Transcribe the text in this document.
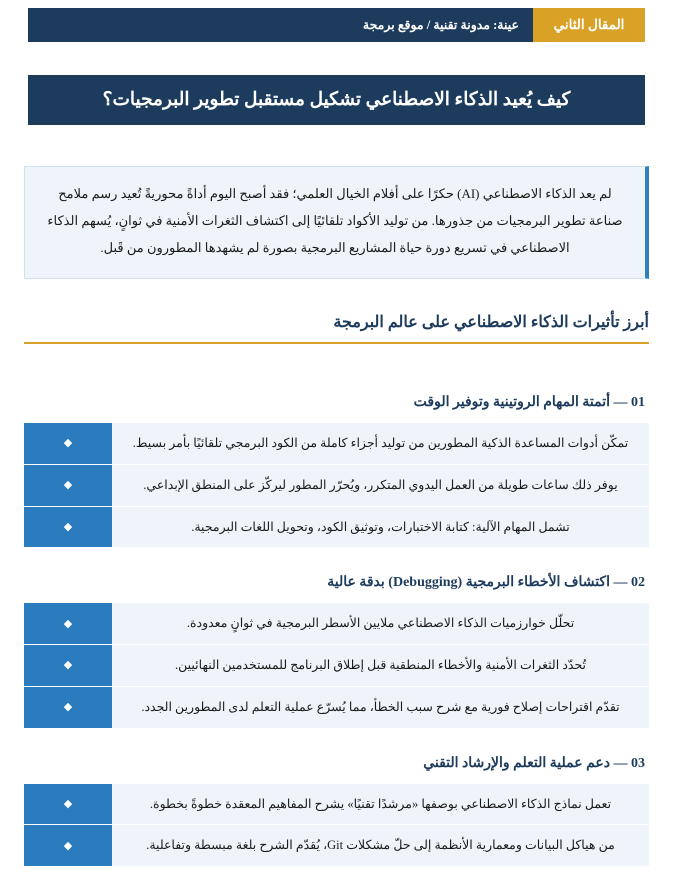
المقال الثاني
عينة: مدونة تقنية / موقع برمجة
كيف يُعيد الذكاء الاصطناعي تشكيل مستقبل تطوير البرمجيات؟

لم يعد الذكاء الاصطناعي (AI) حكرًا على أفلام الخيال العلمي؛ فقد أصبح اليوم أداةً محوريةً تُعيد رسم ملامح صناعة تطوير البرمجيات من جذورها. من توليد الأكواد تلقائيًا إلى اكتشاف الثغرات الأمنية في ثوانٍ، يُسهم الذكاء الاصطناعي في تسريع دورة حياة المشاريع البرمجية بصورة لم يشهدها المطورون من قَبل.

أبرز تأثيرات الذكاء الاصطناعي على عالم البرمجة
01 — أتمتة المهام الروتينية وتوفير الوقت
تمكّن أدوات المساعدة الذكية المطورين من توليد أجزاء كاملة من الكود البرمجي تلقائيًا بأمر بسيط.	◆
يوفر ذلك ساعات طويلة من العمل اليدوي المتكرر، ويُحرّر المطور ليركّز على المنطق الإبداعي.	◆
تشمل المهام الآلية: كتابة الاختبارات، وتوثيق الكود، وتحويل اللغات البرمجية.	◆
02 — اكتشاف الأخطاء البرمجية (Debugging) بدقة عالية
تحلّل خوارزميات الذكاء الاصطناعي ملايين الأسطر البرمجية في ثوانٍ معدودة.	◆
تُحدّد الثغرات الأمنية والأخطاء المنطقية قبل إطلاق البرنامج للمستخدمين النهائيين.	◆
تقدّم اقتراحات إصلاح فورية مع شرح سبب الخطأ، مما يُسرّع عملية التعلم لدى المطورين الجدد.	◆
03 — دعم عملية التعلم والإرشاد التقني
تعمل نماذج الذكاء الاصطناعي بوصفها «مرشدًا تقنيًا» يشرح المفاهيم المعقدة خطوةً بخطوة.	◆
من هياكل البيانات ومعمارية الأنظمة إلى حلّ مشكلات Git، يُقدّم الشرح بلغة مبسطة وتفاعلية.	◆
